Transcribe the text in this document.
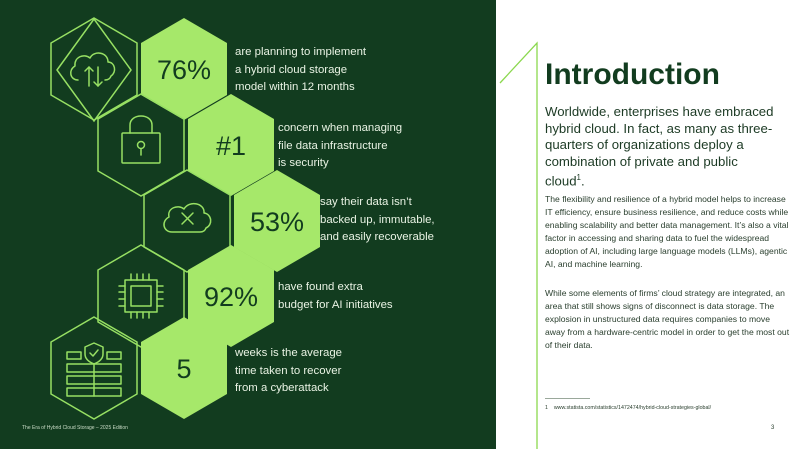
76%
#1
53%
92%
5
are planning to implement
a hybrid cloud storage
model within 12 months
concern when managing
file data infrastructure
is security
say their data isn’t
backed up, immutable,
and easily recoverable
have found extra
budget for AI initiatives
weeks is the average
time taken to recover
from a cyberattack
The Era of Hybrid Cloud Storage – 2025 Edition
Introduction
Worldwide, enterprises have embraced hybrid cloud. In fact, as many as three-quarters of organizations deploy a combination of private and public cloud$^1$.

The flexibility and resilience of a hybrid model helps to increase IT efficiency, ensure business resilience, and reduce costs while enabling scalability and better data management. It’s also a vital factor in accessing and sharing data to fuel the widespread adoption of AI, including large language models (LLMs), agentic AI, and machine learning.

While some elements of firms’ cloud strategy are integrated, an area that still shows signs of disconnect is data storage. The explosion in unstructured data requires companies to move away from a hardware-centric model in order to get the most out of their data.

1 www.statista.com/statistics/1472474/hybrid-cloud-strategies-global/
3
